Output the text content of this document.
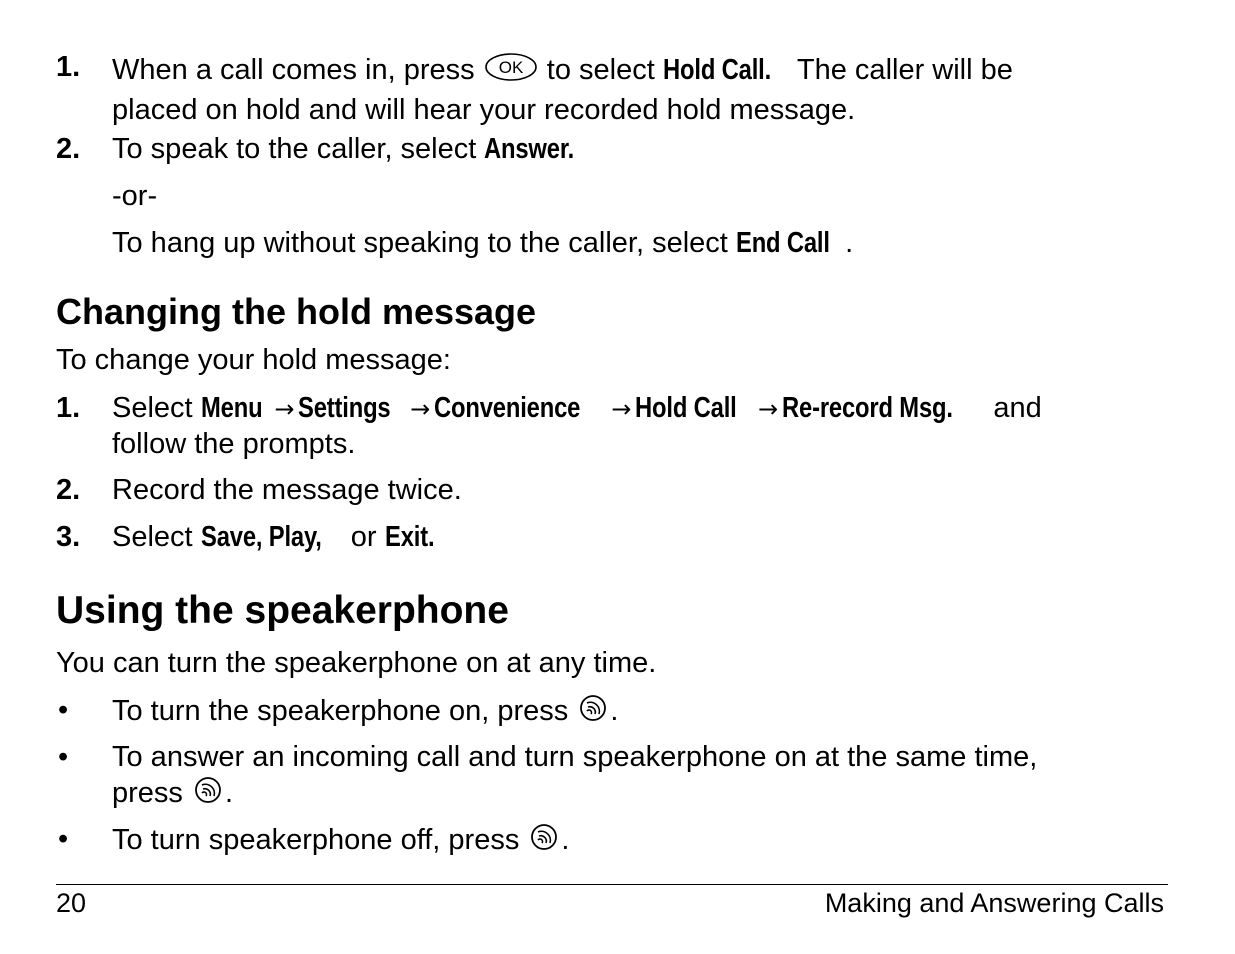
1. When a call comes in, press OK to select Hold Call. The caller will be
placed on hold and will hear your recorded hold message.
2. To speak to the caller, select Answer.
-or-
To hang up without speaking to the caller, select End Call .
Changing the hold message
To change your hold message:
1. Select Menu → Settings → Convenience → Hold Call → Re-record Msg. and
follow the prompts.
2. Record the message twice.
3. Select Save, Play, or Exit.
Using the speakerphone
You can turn the speakerphone on at any time.
• To turn the speakerphone on, press .
• To answer an incoming call and turn speakerphone on at the same time,
press .
• To turn speakerphone off, press .
20	Making and Answering Calls
